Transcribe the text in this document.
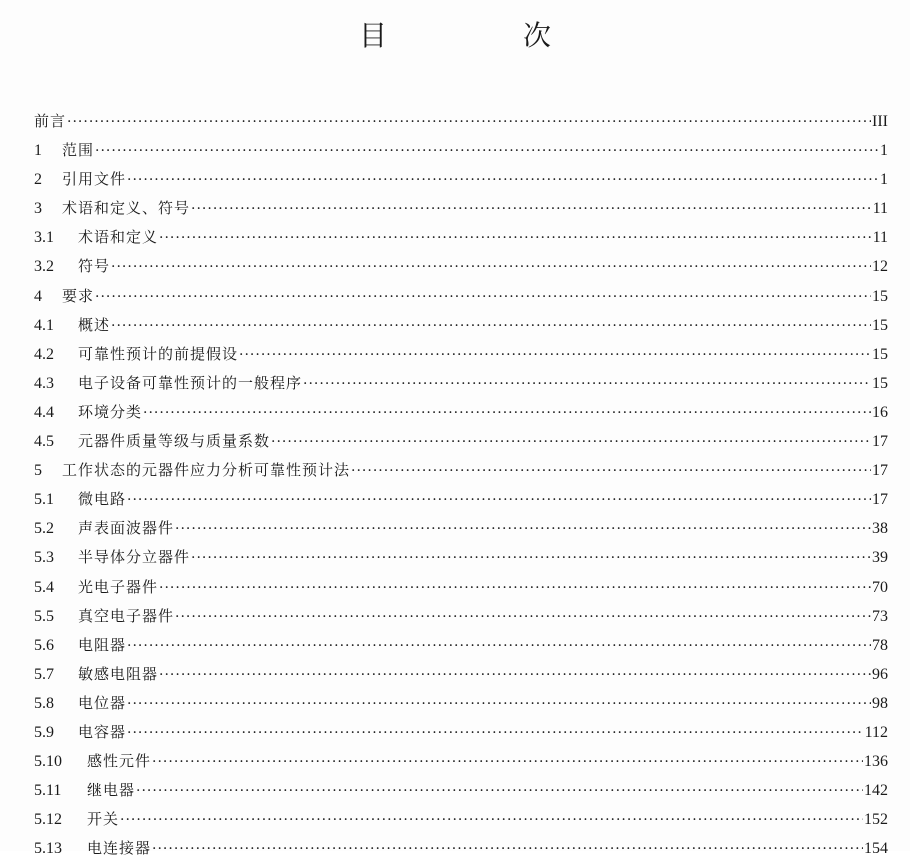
目　次
前言 ·····	III
1	范围 ·····	1
2	引用文件 ·····	1
3	术语和定义、符号 ·····	11
3.1	术语和定义 ·····	11
3.2	符号 ·····	12
4	要求 ·····	15
4.1	概述 ·····	15
4.2	可靠性预计的前提假设 ·····	15
4.3	电子设备可靠性预计的一般程序 ·····	15
4.4	环境分类 ·····	16
4.5	元器件质量等级与质量系数 ·····	17
5	工作状态的元器件应力分析可靠性预计法 ·····	17
5.1	微电路 ·····	17
5.2	声表面波器件 ·····	38
5.3	半导体分立器件 ·····	39
5.4	光电子器件 ·····	70
5.5	真空电子器件 ·····	73
5.6	电阻器 ·····	78
5.7	敏感电阻器 ·····	96
5.8	电位器 ·····	98
5.9	电容器 ·····	112
5.10	感性元件 ·····	136
5.11	继电器 ·····	142
5.12	开关 ·····	152
5.13	电连接器 ·····	154
